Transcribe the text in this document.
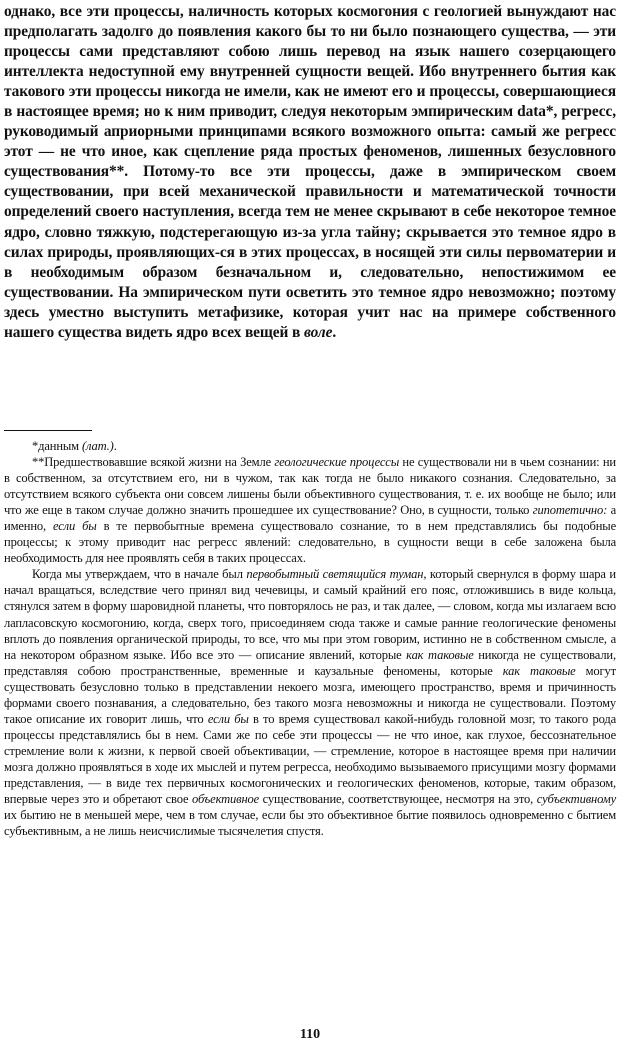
однако, все эти процессы, наличность которых космогония с геологией вынуждают нас предполагать задолго до появления какого бы то ни было познающего существа, — эти процессы сами представляют собою лишь перевод на язык нашего созерцающего интеллекта недоступной ему внутренней сущности вещей. Ибо внутреннего бытия как такового эти процессы никогда не имели, как не имеют его и процессы, совершающиеся в настоящее время; но к ним приводит, следуя некоторым эмпирическим data*, регресс, руководимый априорными принципами всякого возможного опыта: самый же регресс этот — не что иное, как сцепление ряда простых феноменов, лишенных безусловного существования**. Потому-то все эти процессы, даже в эмпирическом своем существовании, при всей механической правильности и математической точности определений своего наступления, всегда тем не менее скрывают в себе некоторое темное ядро, словно тяжкую, подстерегающую из-за угла тайну; скрывается это темное ядро в силах природы, проявляющих-ся в этих процессах, в носящей эти силы первоматерии и в необходимым образом безначальном и, следовательно, непостижимом ее существовании. На эмпирическом пути осветить это темное ядро невозможно; поэтому здесь уместно выступить метафизике, которая учит нас на примере собственного нашего существа видеть ядро всех вещей в воле.

*данным (лат.).

**Предшествовавшие всякой жизни на Земле геологические процессы не существовали ни в чьем сознании: ни в собственном, за отсутствием его, ни в чужом, так как тогда не было никакого сознания. Следовательно, за отсутствием всякого субъекта они совсем лишены были объективного существования, т. е. их вообще не было; или что же еще в таком случае должно значить прошедшее их существование? Оно, в сущности, только гипотетично: а именно, если бы в те первобытные времена существовало сознание, то в нем представлялись бы подобные процессы; к этому приводит нас регресс явлений: следовательно, в сущности вещи в себе заложена была необходимость для нее проявлять себя в таких процессах.

Когда мы утверждаем, что в начале был первобытный светящийся туман, который свернулся в форму шара и начал вращаться, вследствие чего принял вид чечевицы, и самый крайний его пояс, отложившись в виде кольца, стянулся затем в форму шаровидной планеты, что повторялось не раз, и так далее, — словом, когда мы излагаем всю лапласовскую космогонию, когда, сверх того, присоединяем сюда также и самые ранние геологические феномены вплоть до появления органической природы, то все, что мы при этом говорим, истинно не в собственном смысле, а на некотором образном языке. Ибо все это — описание явлений, которые как таковые никогда не существовали, представляя собою пространственные, временные и каузальные феномены, которые как таковые могут существовать безусловно только в представлении некоего мозга, имеющего пространство, время и причинность формами своего познавания, а следовательно, без такого мозга невозможны и никогда не существовали. Поэтому такое описание их говорит лишь, что если бы в то время существовал какой-нибудь головной мозг, то такого рода процессы представлялись бы в нем. Сами же по себе эти процессы — не что иное, как глухое, бессознательное стремление воли к жизни, к первой своей объективации, — стремление, которое в настоящее время при наличии мозга должно проявляться в ходе их мыслей и путем регресса, необходимо вызываемого присущими мозгу формами представления, — в виде тех первичных космогонических и геологических феноменов, которые, таким образом, впервые через это и обретают свое объективное существование, соответствующее, несмотря на это, субъективному их бытию не в меньшей мере, чем в том случае, если бы это объективное бытие появилось одновременно с бытием субъективным, а не лишь неисчислимые тысячелетия спустя.

110
